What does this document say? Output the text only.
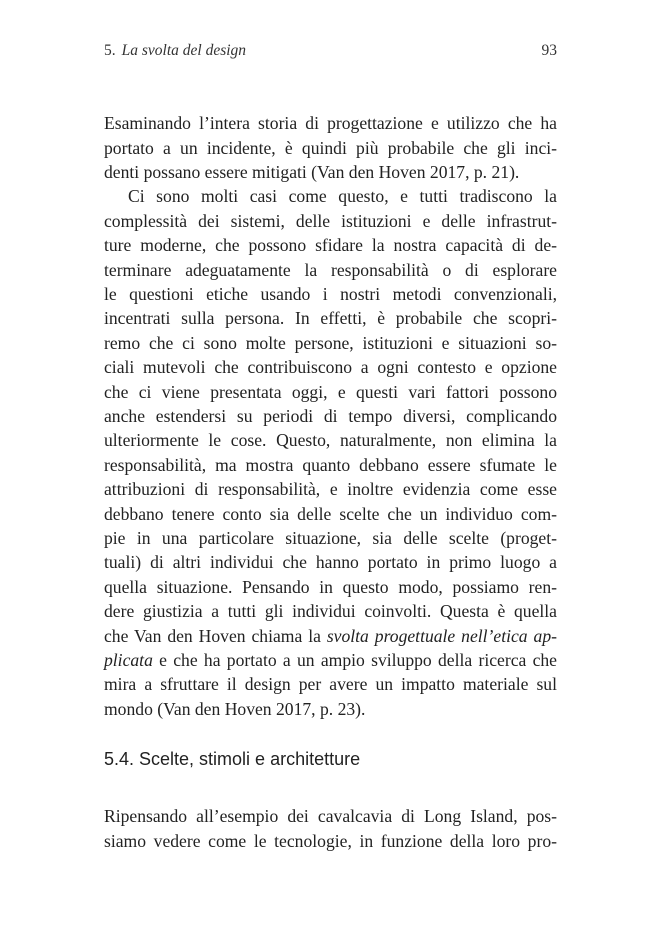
5. La svolta del design	93
Esaminando l’intera storia di progettazione e utilizzo che ha
portato a un incidente, è quindi più probabile che gli inci-
denti possano essere mitigati (Van den Hoven 2017, p. 21).
Ci sono molti casi come questo, e tutti tradiscono la
complessità dei sistemi, delle istituzioni e delle infrastrut-
ture moderne, che possono sfidare la nostra capacità di de-
terminare adeguatamente la responsabilità o di esplorare
le questioni etiche usando i nostri metodi convenzionali,
incentrati sulla persona. In effetti, è probabile che scopri-
remo che ci sono molte persone, istituzioni e situazioni so-
ciali mutevoli che contribuiscono a ogni contesto e opzione
che ci viene presentata oggi, e questi vari fattori possono
anche estendersi su periodi di tempo diversi, complicando
ulteriormente le cose. Questo, naturalmente, non elimina la
responsabilità, ma mostra quanto debbano essere sfumate le
attribuzioni di responsabilità, e inoltre evidenzia come esse
debbano tenere conto sia delle scelte che un individuo com-
pie in una particolare situazione, sia delle scelte (proget-
tuali) di altri individui che hanno portato in primo luogo a
quella situazione. Pensando in questo modo, possiamo ren-
dere giustizia a tutti gli individui coinvolti. Questa è quella
che Van den Hoven chiama la svolta progettuale nell’etica ap-
plicata e che ha portato a un ampio sviluppo della ricerca che
mira a sfruttare il design per avere un impatto materiale sul
mondo (Van den Hoven 2017, p. 23).
5.4. Scelte, stimoli e architetture
Ripensando all’esempio dei cavalcavia di Long Island, pos-
siamo vedere come le tecnologie, in funzione della loro pro-
